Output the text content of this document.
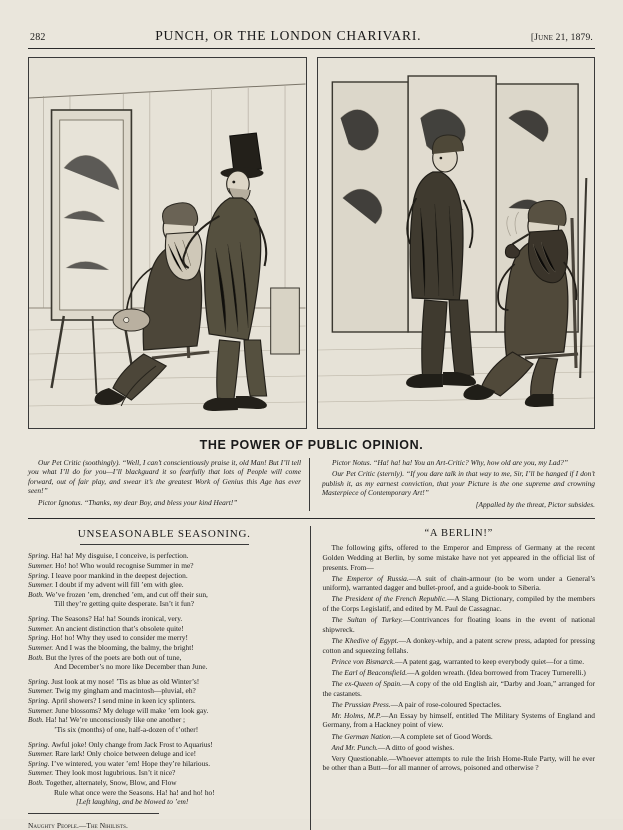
282	PUNCH, OR THE LONDON CHARIVARI.	[June 21, 1879.
THE POWER OF PUBLIC OPINION.

Our Pet Critic (soothingly). “Well, I can’t conscientiously praise it, old Man! But I’ll tell you what I’ll do for you—I’ll blackguard it so fearfully that lots of People will come forward, out of fair play, and swear it’s the greatest Work of Genius this Age has ever seen!”

Pictor Ignotus. “Thanks, my dear Boy, and bless your kind Heart!”

Pictor Notus. “Ha! ha! ha! You an Art-Critic? Why, how old are you, my Lad?”

Our Pet Critic (sternly). “If you dare talk in that way to me, Sir, I’ll be hanged if I don’t publish it, as my earnest conviction, that your Picture is the one supreme and crowning Masterpiece of Contemporary Art!”

[Appalled by the threat, Pictor subsides.

UNSEASONABLE SEASONING.
Spring. Ha! ha! My disguise, I conceive, is perfection.
Summer. Ho! ho! Who would recognise Summer in me?
Spring. I leave poor mankind in the deepest dejection.
Summer. I doubt if my advent will fill ’em with glee.
Both. We’ve frozen ’em, drenched ’em, and cut off their sun,
Till they’re getting quite desperate. Isn’t it fun?
Spring. The Seasons? Ha! ha! Sounds ironical, very.
Summer. An ancient distinction that’s obsolete quite!
Spring. Ho! ho! Why they used to consider me merry!
Summer. And I was the blooming, the balmy, the bright!
Both. But the lyres of the poets are both out of tune,
And December’s no more like December than June.
Spring. Just look at my nose! ’Tis as blue as old Winter’s!
Summer. Twig my gingham and macintosh—pluvial, eh?
Spring. April showers? I send mine in keen icy splinters.
Summer. June blossoms? My deluge will make ’em look gay.
Both. Ha! ha! We’re unconsciously like one another ;
’Tis six (months) of one, half-a-dozen of t’other!
Spring. Awful joke! Only change from Jack Frost to Aquarius!
Summer. Rare lark! Only choice between deluge and ice!
Spring. I’ve wintered, you water ’em! Hope they’re hilarious.
Summer. They look most lugubrious. Isn’t it nice?
Both. Together, alternately, Snow, Blow, and Flow
Rule what once were the Seasons. Ha! ha! and ho! ho!
[Left laughing, and be blowed to ’em!
Naughty People.—The Nihilists.
“A BERLIN!”

The following gifts, offered to the Emperor and Empress of Germany at the recent Golden Wedding at Berlin, by some mistake have not yet appeared in the official list of presents. From—

The Emperor of Russia.—A suit of chain-armour (to be worn under a General’s uniform), warranted dagger and bullet-proof, and a guide-book to Siberia.

The President of the French Republic.—A Slang Dictionary, compiled by the members of the Corps Legislatif, and edited by M. Paul de Cassagnac.

The Sultan of Turkey.—Contrivances for floating loans in the event of national shipwreck.

The Khedive of Egypt.—A donkey-whip, and a patent screw press, adapted for pressing cotton and squeezing fellahs.

Prince von Bismarck.—A patent gag, warranted to keep everybody quiet—for a time.

The Earl of Beaconsfield.—A golden wreath. (Idea borrowed from Tracey Turnerelli.)

The ex-Queen of Spain.—A copy of the old English air, “Darby and Joan,” arranged for the castanets.

The Prussian Press.—A pair of rose-coloured Spectacles.

Mr. Holms, M.P.—An Essay by himself, entitled The Military Systems of England and Germany, from a Hackney point of view.

The German Nation.—A complete set of Good Words.

And Mr. Punch.—A ditto of good wishes.

Very Questionable.—Whoever attempts to rule the Irish Home-Rule Party, will he ever be other than a Butt—for all manner of arrows, poisoned and otherwise ?
